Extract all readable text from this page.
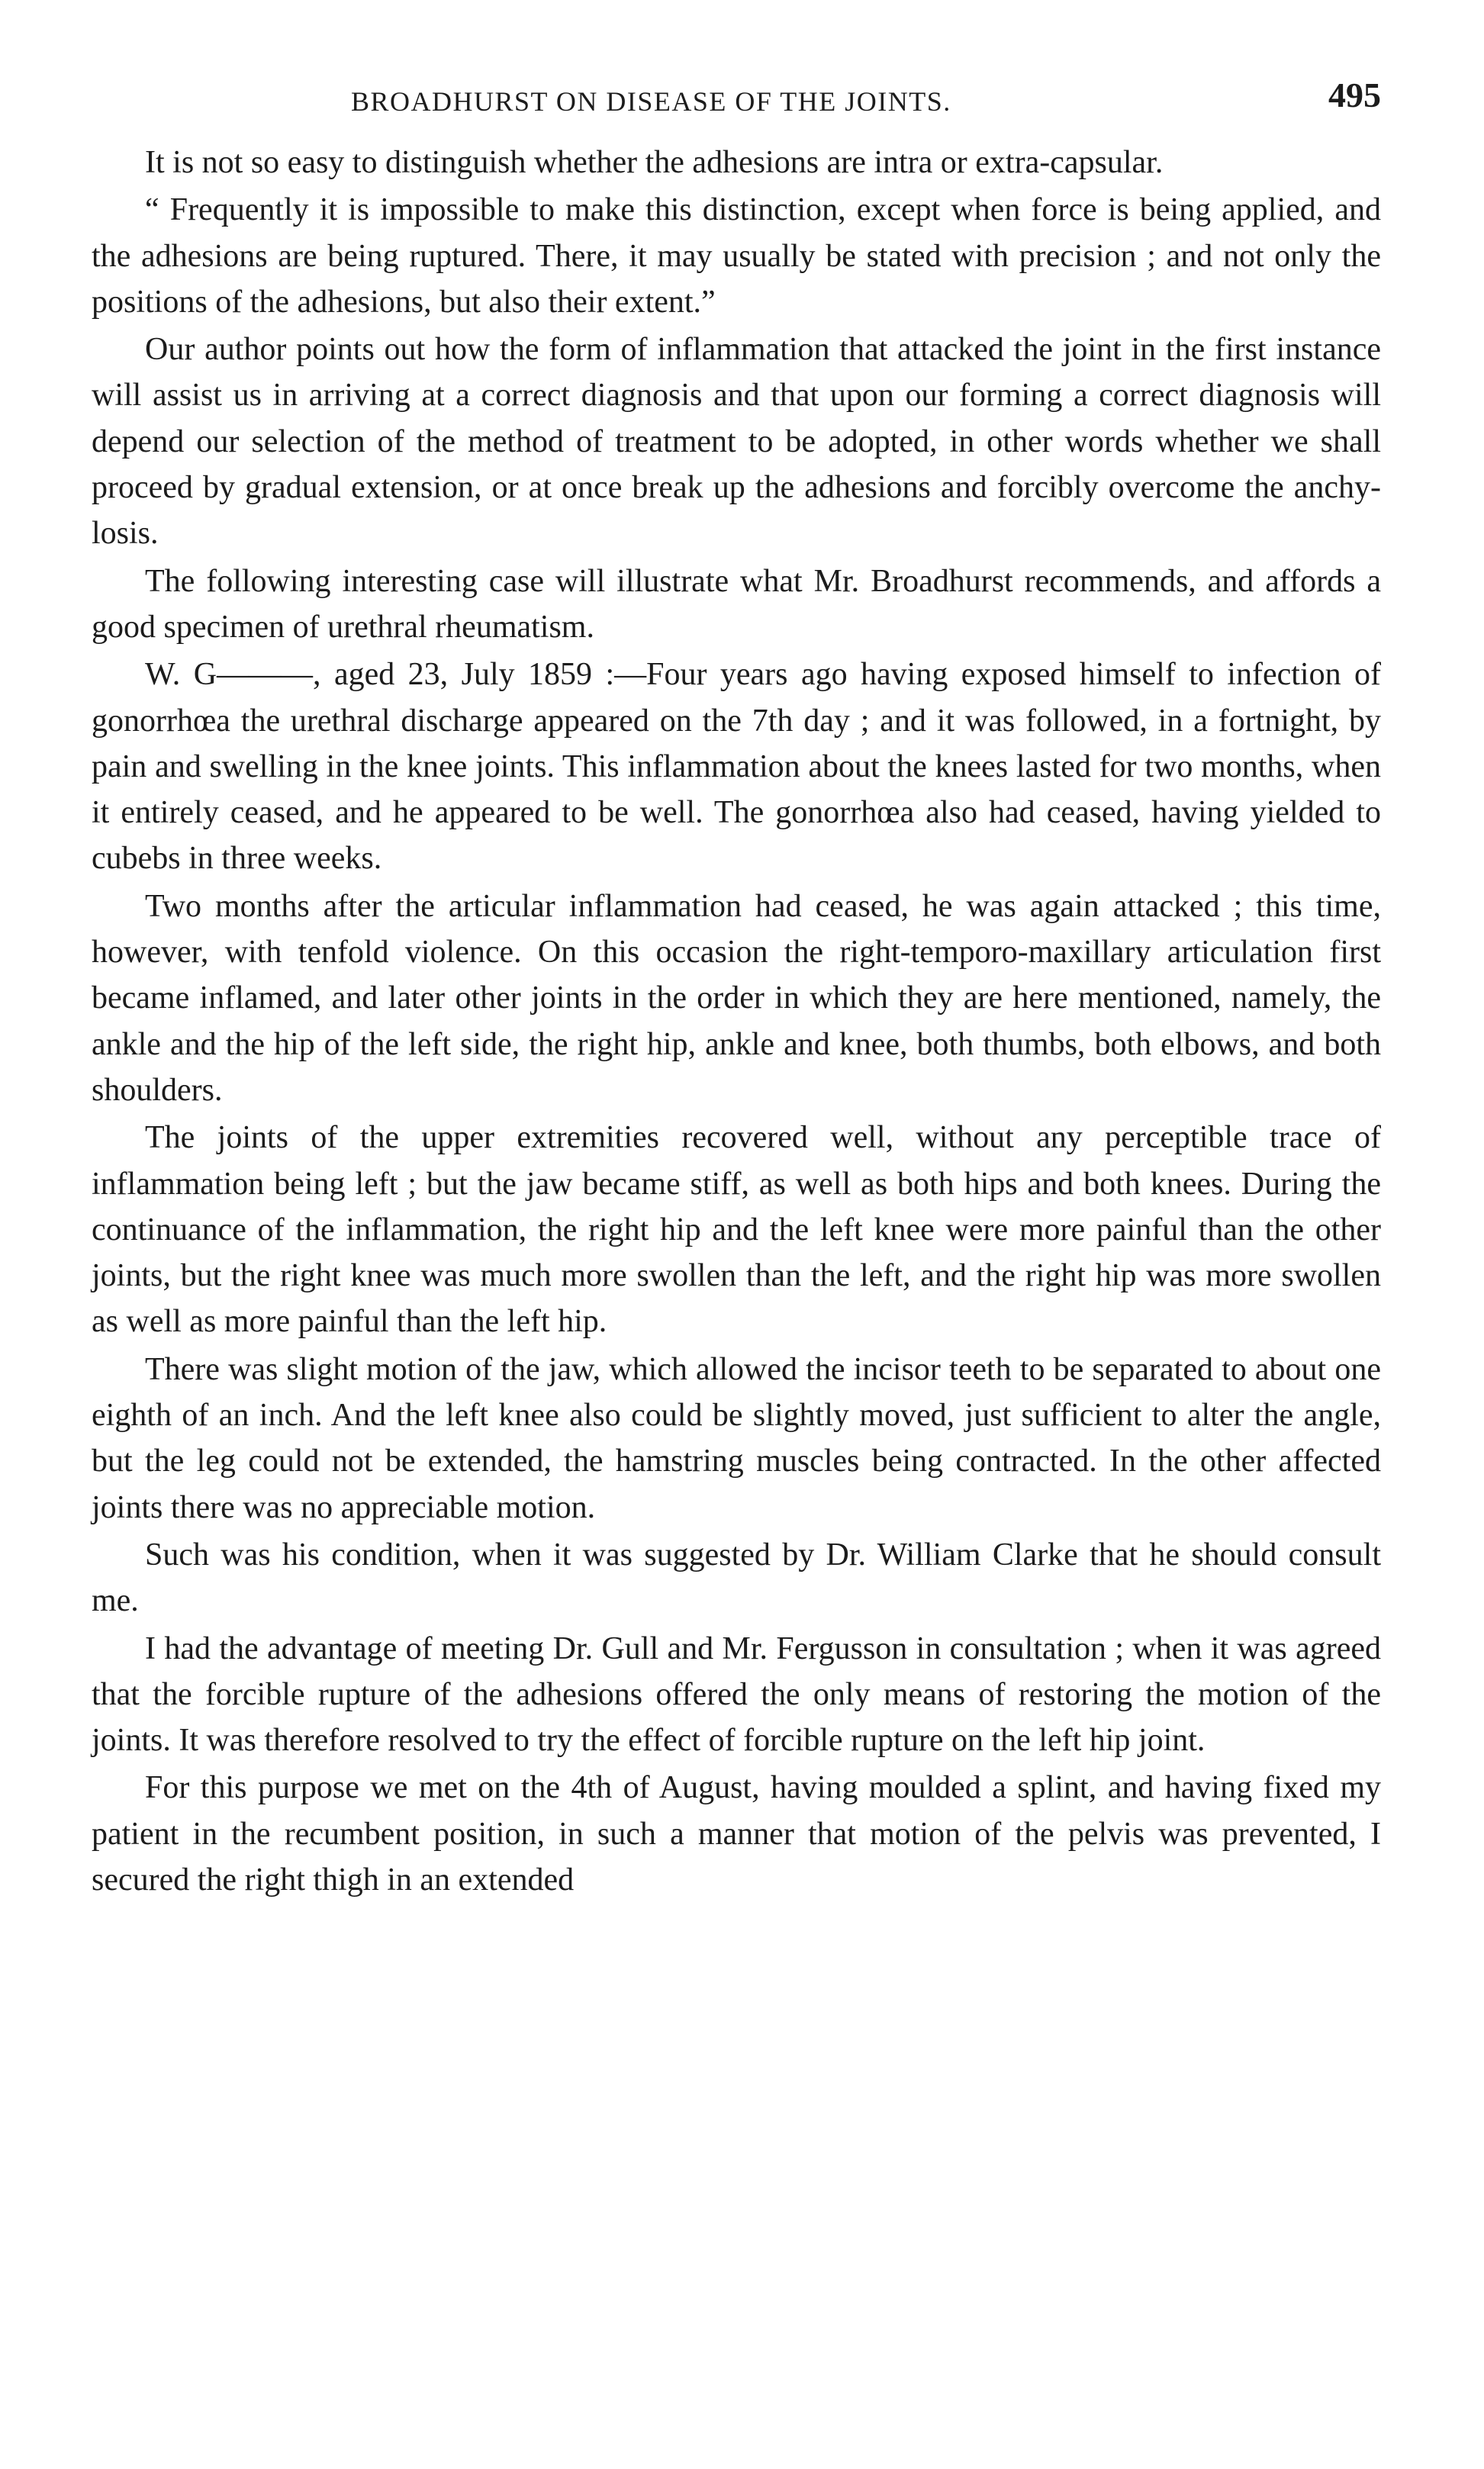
BROADHURST ON DISEASE OF THE JOINTS.	495

It is not so easy to distinguish whether the adhesions are intra or extra-capsular.

“ Frequently it is impossible to make this distinction, except when force is being applied, and the adhesions are being ruptured. There, it may usually be stated with precision ; and not only the positions of the adhesions, but also their extent.”

Our author points out how the form of inflammation that attacked the joint in the first instance will assist us in arriving at a correct diagnosis and that upon our forming a correct diagnosis will depend our selection of the method of treatment to be adopted, in other words whether we shall proceed by gradual extension, or at once break up the adhesions and forcibly overcome the anchylosis.

The following interesting case will illustrate what Mr. Broadhurst recommends, and affords a good specimen of urethral rheumatism.

W. G———, aged 23, July 1859 :—Four years ago having exposed himself to infection of gonorrhœa the urethral discharge appeared on the 7th day ; and it was followed, in a fortnight, by pain and swelling in the knee joints. This inflammation about the knees lasted for two months, when it entirely ceased, and he appeared to be well. The gonorrhœa also had ceased, having yielded to cubebs in three weeks.

Two months after the articular inflammation had ceased, he was again attacked ; this time, however, with tenfold violence. On this occasion the right-temporo-maxillary articulation first became inflamed, and later other joints in the order in which they are here mentioned, namely, the ankle and the hip of the left side, the right hip, ankle and knee, both thumbs, both elbows, and both shoulders.

The joints of the upper extremities recovered well, without any perceptible trace of inflammation being left ; but the jaw became stiff, as well as both hips and both knees. During the continuance of the inflammation, the right hip and the left knee were more painful than the other joints, but the right knee was much more swollen than the left, and the right hip was more swollen as well as more painful than the left hip.

There was slight motion of the jaw, which allowed the incisor teeth to be separated to about one eighth of an inch. And the left knee also could be slightly moved, just sufficient to alter the angle, but the leg could not be extended, the hamstring muscles being contracted. In the other affected joints there was no appreciable motion.

Such was his condition, when it was suggested by Dr. William Clarke that he should consult me.

I had the advantage of meeting Dr. Gull and Mr. Fergusson in consultation ; when it was agreed that the forcible rupture of the adhesions offered the only means of restoring the motion of the joints. It was therefore resolved to try the effect of forcible rupture on the left hip joint.

For this purpose we met on the 4th of August, having moulded a splint, and having fixed my patient in the recumbent position, in such a manner that motion of the pelvis was prevented, I secured the right thigh in an extended
